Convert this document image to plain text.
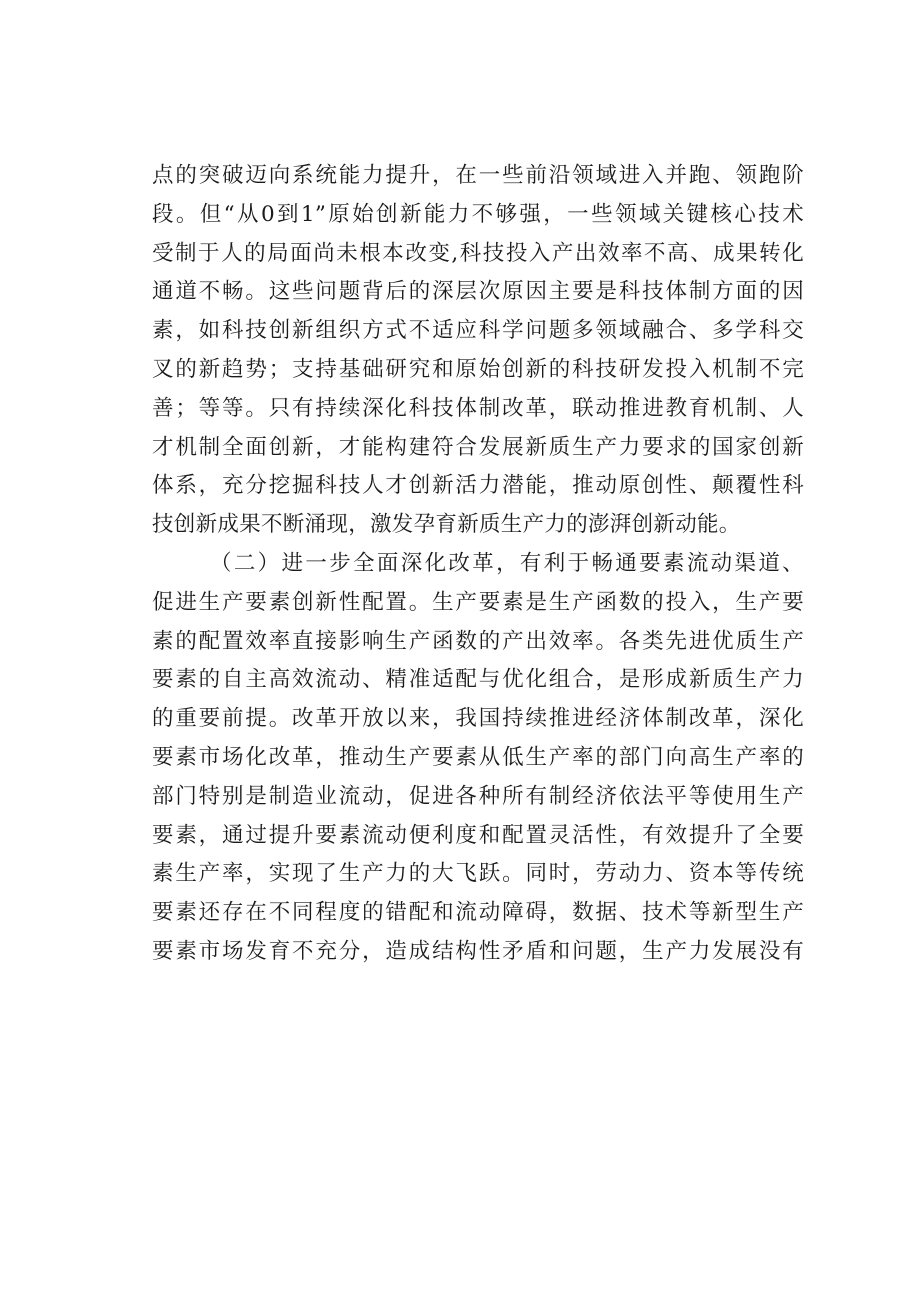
点的突破迈向系统能力提升，在一些前沿领域进入并跑、领跑阶
段。但“从0到1”原始创新能力不够强，一些领域关键核心技术
受制于人的局面尚未根本改变,科技投入产出效率不高、成果转化
通道不畅。这些问题背后的深层次原因主要是科技体制方面的因
素，如科技创新组织方式不适应科学问题多领域融合、多学科交
叉的新趋势；支持基础研究和原始创新的科技研发投入机制不完
善；等等。只有持续深化科技体制改革，联动推进教育机制、人
才机制全面创新，才能构建符合发展新质生产力要求的国家创新
体系，充分挖掘科技人才创新活力潜能，推动原创性、颠覆性科
技创新成果不断涌现，激发孕育新质生产力的澎湃创新动能。
（二）进一步全面深化改革，有利于畅通要素流动渠道、
促进生产要素创新性配置。生产要素是生产函数的投入，生产要
素的配置效率直接影响生产函数的产出效率。各类先进优质生产
要素的自主高效流动、精准适配与优化组合，是形成新质生产力
的重要前提。改革开放以来，我国持续推进经济体制改革，深化
要素市场化改革，推动生产要素从低生产率的部门向高生产率的
部门特别是制造业流动，促进各种所有制经济依法平等使用生产
要素，通过提升要素流动便利度和配置灵活性，有效提升了全要
素生产率，实现了生产力的大飞跃。同时，劳动力、资本等传统
要素还存在不同程度的错配和流动障碍，数据、技术等新型生产
要素市场发育不充分，造成结构性矛盾和问题，生产力发展没有
